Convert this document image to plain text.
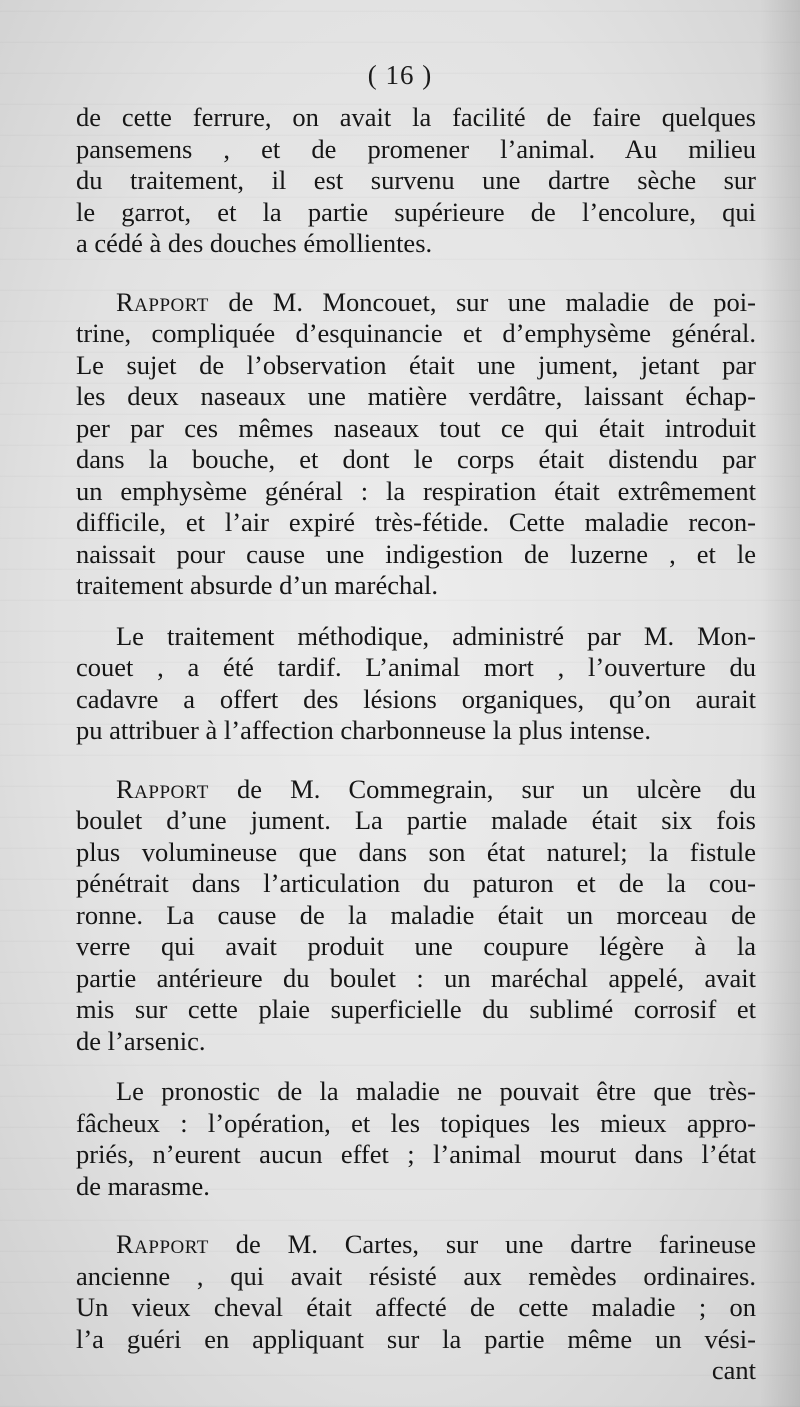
( 16 )
de cette ferrure, on avait la facilité de faire quelques
pansemens , et de promener l’animal. Au milieu
du traitement, il est survenu une dartre sèche sur
le garrot, et la partie supérieure de l’encolure, qui
a cédé à des douches émollientes.
Rapport de M. Moncouet, sur une maladie de poi-
trine, compliquée d’esquinancie et d’emphysème général.
Le sujet de l’observation était une jument, jetant par
les deux naseaux une matière verdâtre, laissant échap-
per par ces mêmes naseaux tout ce qui était introduit
dans la bouche, et dont le corps était distendu par
un emphysème général : la respiration était extrêmement
difficile, et l’air expiré très-fétide. Cette maladie recon-
naissait pour cause une indigestion de luzerne , et le
traitement absurde d’un maréchal.
Le traitement méthodique, administré par M. Mon-
couet , a été tardif. L’animal mort , l’ouverture du
cadavre a offert des lésions organiques, qu’on aurait
pu attribuer à l’affection charbonneuse la plus intense.
Rapport de M. Commegrain, sur un ulcère du
boulet d’une jument. La partie malade était six fois
plus volumineuse que dans son état naturel; la fistule
pénétrait dans l’articulation du paturon et de la cou-
ronne. La cause de la maladie était un morceau de
verre qui avait produit une coupure légère à la
partie antérieure du boulet : un maréchal appelé, avait
mis sur cette plaie superficielle du sublimé corrosif et
de l’arsenic.
Le pronostic de la maladie ne pouvait être que très-
fâcheux : l’opération, et les topiques les mieux appro-
priés, n’eurent aucun effet ; l’animal mourut dans l’état
de marasme.
Rapport de M. Cartes, sur une dartre farineuse
ancienne , qui avait résisté aux remèdes ordinaires.
Un vieux cheval était affecté de cette maladie ; on
l’a guéri en appliquant sur la partie même un vési-
cant
